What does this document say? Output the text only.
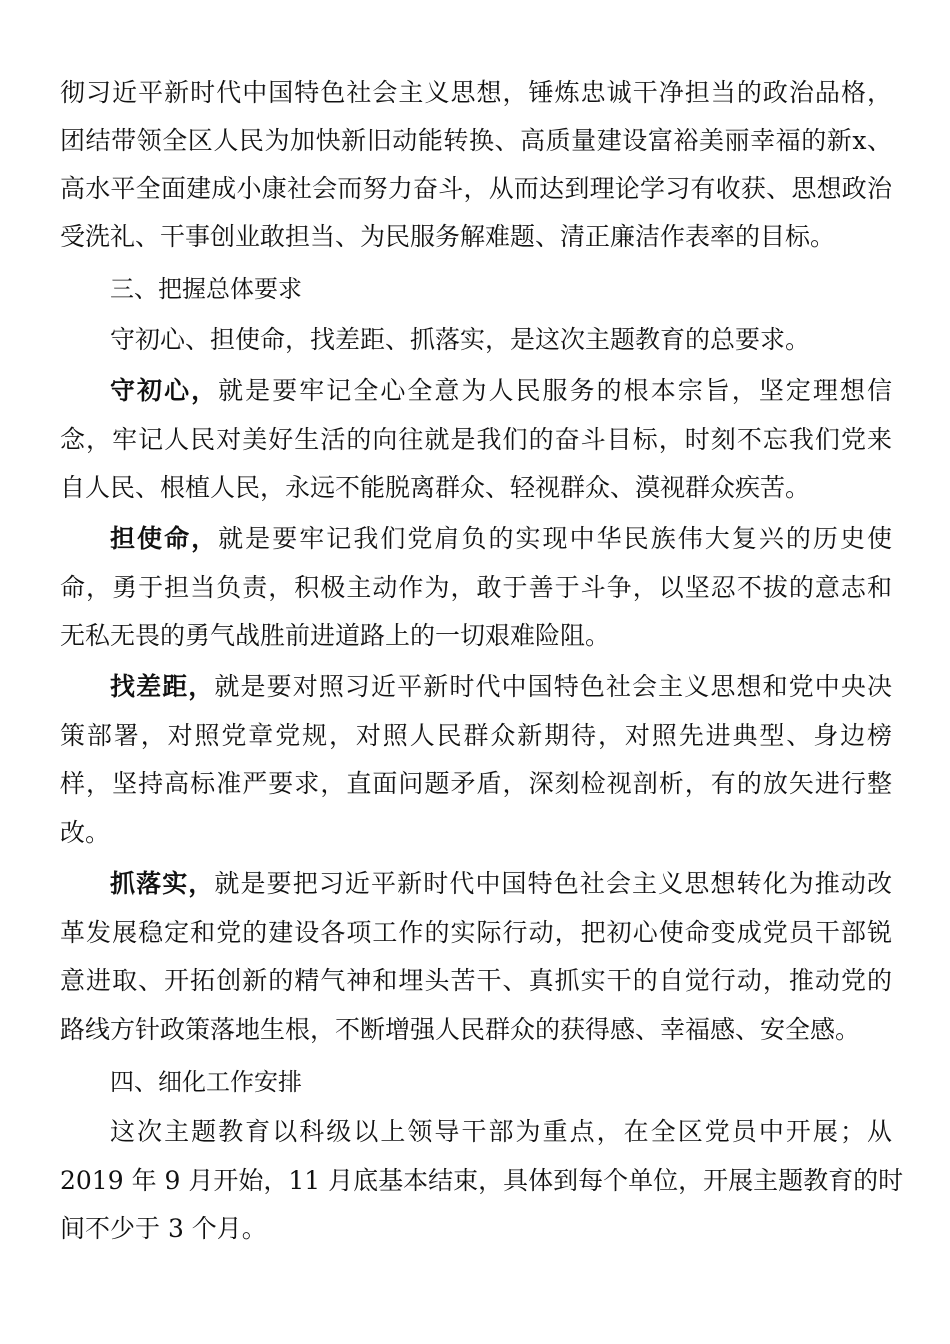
彻习近平新时代中国特色社会主义思想，锤炼忠诚干净担当的政治品格，
团结带领全区人民为加快新旧动能转换、高质量建设富裕美丽幸福的新x、
高水平全面建成小康社会而努力奋斗，从而达到理论学习有收获、思想政治
受洗礼、干事创业敢担当、为民服务解难题、清正廉洁作表率的目标。
三、把握总体要求
守初心、担使命，找差距、抓落实，是这次主题教育的总要求。
守初心，就是要牢记全心全意为人民服务的根本宗旨，坚定理想信
念，牢记人民对美好生活的向往就是我们的奋斗目标，时刻不忘我们党来
自人民、根植人民，永远不能脱离群众、轻视群众、漠视群众疾苦。
担使命，就是要牢记我们党肩负的实现中华民族伟大复兴的历史使
命，勇于担当负责，积极主动作为，敢于善于斗争，以坚忍不拔的意志和
无私无畏的勇气战胜前进道路上的一切艰难险阻。
找差距，就是要对照习近平新时代中国特色社会主义思想和党中央决
策部署，对照党章党规，对照人民群众新期待，对照先进典型、身边榜
样，坚持高标准严要求，直面问题矛盾，深刻检视剖析，有的放矢进行整
改。
抓落实，就是要把习近平新时代中国特色社会主义思想转化为推动改
革发展稳定和党的建设各项工作的实际行动，把初心使命变成党员干部锐
意进取、开拓创新的精气神和埋头苦干、真抓实干的自觉行动，推动党的
路线方针政策落地生根，不断增强人民群众的获得感、幸福感、安全感。
四、细化工作安排
这次主题教育以科级以上领导干部为重点，在全区党员中开展；从
2019 年 9 月开始，11 月底基本结束，具体到每个单位，开展主题教育的时
间不少于 3 个月。
